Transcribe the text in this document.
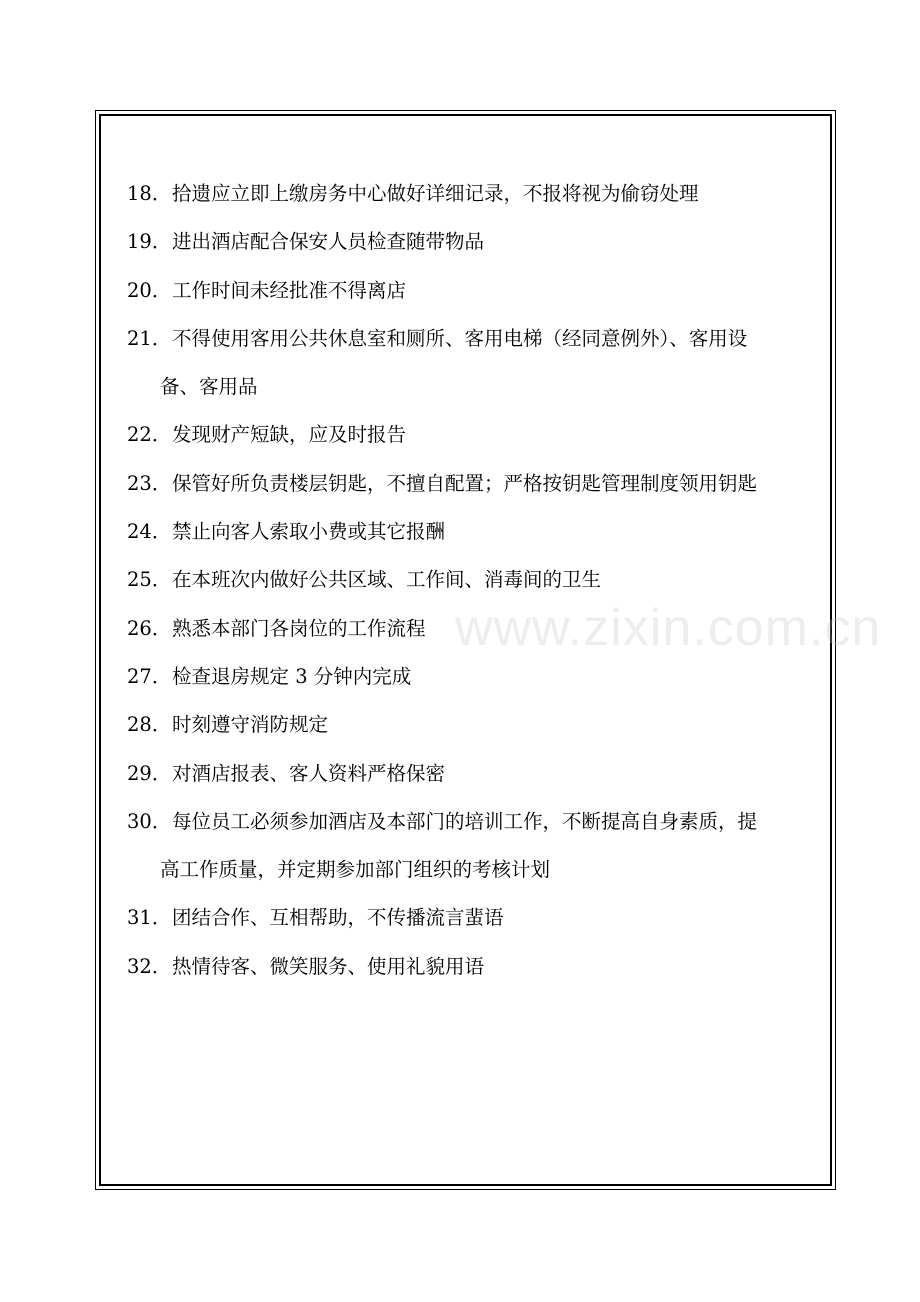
www.zixin.com.cn
18． 拾遗应立即上缴房务中心做好详细记录，不报将视为偷窃处理
19． 进出酒店配合保安人员检查随带物品
20． 工作时间未经批准不得离店
21． 不得使用客用公共休息室和厕所、客用电梯（经同意例外）、客用设
备、客用品
22． 发现财产短缺，应及时报告
23． 保管好所负责楼层钥匙，不擅自配置；严格按钥匙管理制度领用钥匙
24． 禁止向客人索取小费或其它报酬
25． 在本班次内做好公共区域、工作间、消毒间的卫生
26． 熟悉本部门各岗位的工作流程
27． 检查退房规定 3 分钟内完成
28． 时刻遵守消防规定
29． 对酒店报表、客人资料严格保密
30． 每位员工必须参加酒店及本部门的培训工作，不断提高自身素质，提
高工作质量，并定期参加部门组织的考核计划
31． 团结合作、互相帮助，不传播流言蜚语
32． 热情待客、微笑服务、使用礼貌用语
